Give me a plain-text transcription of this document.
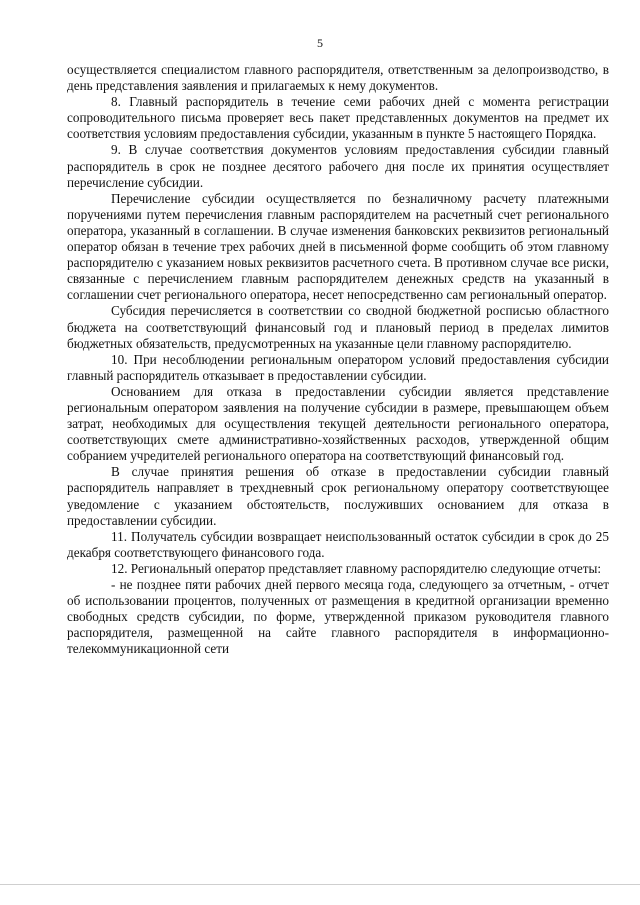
5

осуществляется специалистом главного распорядителя, ответственным за делопроизводство, в день представления заявления и прилагаемых к нему документов.

8. Главный распорядитель в течение семи рабочих дней с момента регистрации сопроводительного письма проверяет весь пакет представленных документов на предмет их соответствия условиям предоставления субсидии, указанным в пункте 5 настоящего Порядка.

9. В случае соответствия документов условиям предоставления субсидии главный распорядитель в срок не позднее десятого рабочего дня после их принятия осуществляет перечисление субсидии.

Перечисление субсидии осуществляется по безналичному расчету платежными поручениями путем перечисления главным распорядителем на расчетный счет регионального оператора, указанный в соглашении. В случае изменения банковских реквизитов региональный оператор обязан в течение трех рабочих дней в письменной форме сообщить об этом главному распорядителю с указанием новых реквизитов расчетного счета. В противном случае все риски, связанные с перечислением главным распорядителем денежных средств на указанный в соглашении счет регионального оператора, несет непосредственно сам региональный оператор.

Субсидия перечисляется в соответствии со сводной бюджетной росписью областного бюджета на соответствующий финансовый год и плановый период в пределах лимитов бюджетных обязательств, предусмотренных на указанные цели главному распорядителю.

10. При несоблюдении региональным оператором условий предоставления субсидии главный распорядитель отказывает в предоставлении субсидии.

Основанием для отказа в предоставлении субсидии является представление региональным оператором заявления на получение субсидии в размере, превышающем объем затрат, необходимых для осуществления текущей деятельности регионального оператора, соответствующих смете административно-хозяйственных расходов, утвержденной общим собранием учредителей регионального оператора на соответствующий финансовый год.

В случае принятия решения об отказе в предоставлении субсидии главный распорядитель направляет в трехдневный срок региональному оператору соответствующее уведомление с указанием обстоятельств, послуживших основанием для отказа в предоставлении субсидии.

11. Получатель субсидии возвращает неиспользованный остаток субсидии в срок до 25 декабря соответствующего финансового года.

12. Региональный оператор представляет главному распорядителю следующие отчеты:

- не позднее пяти рабочих дней первого месяца года, следующего за отчетным, - отчет об использовании процентов, полученных от размещения в кредитной организации временно свободных средств субсидии, по форме, утвержденной приказом руководителя главного распорядителя, размещенной на сайте главного распорядителя в информационно-телекоммуникационной сети
